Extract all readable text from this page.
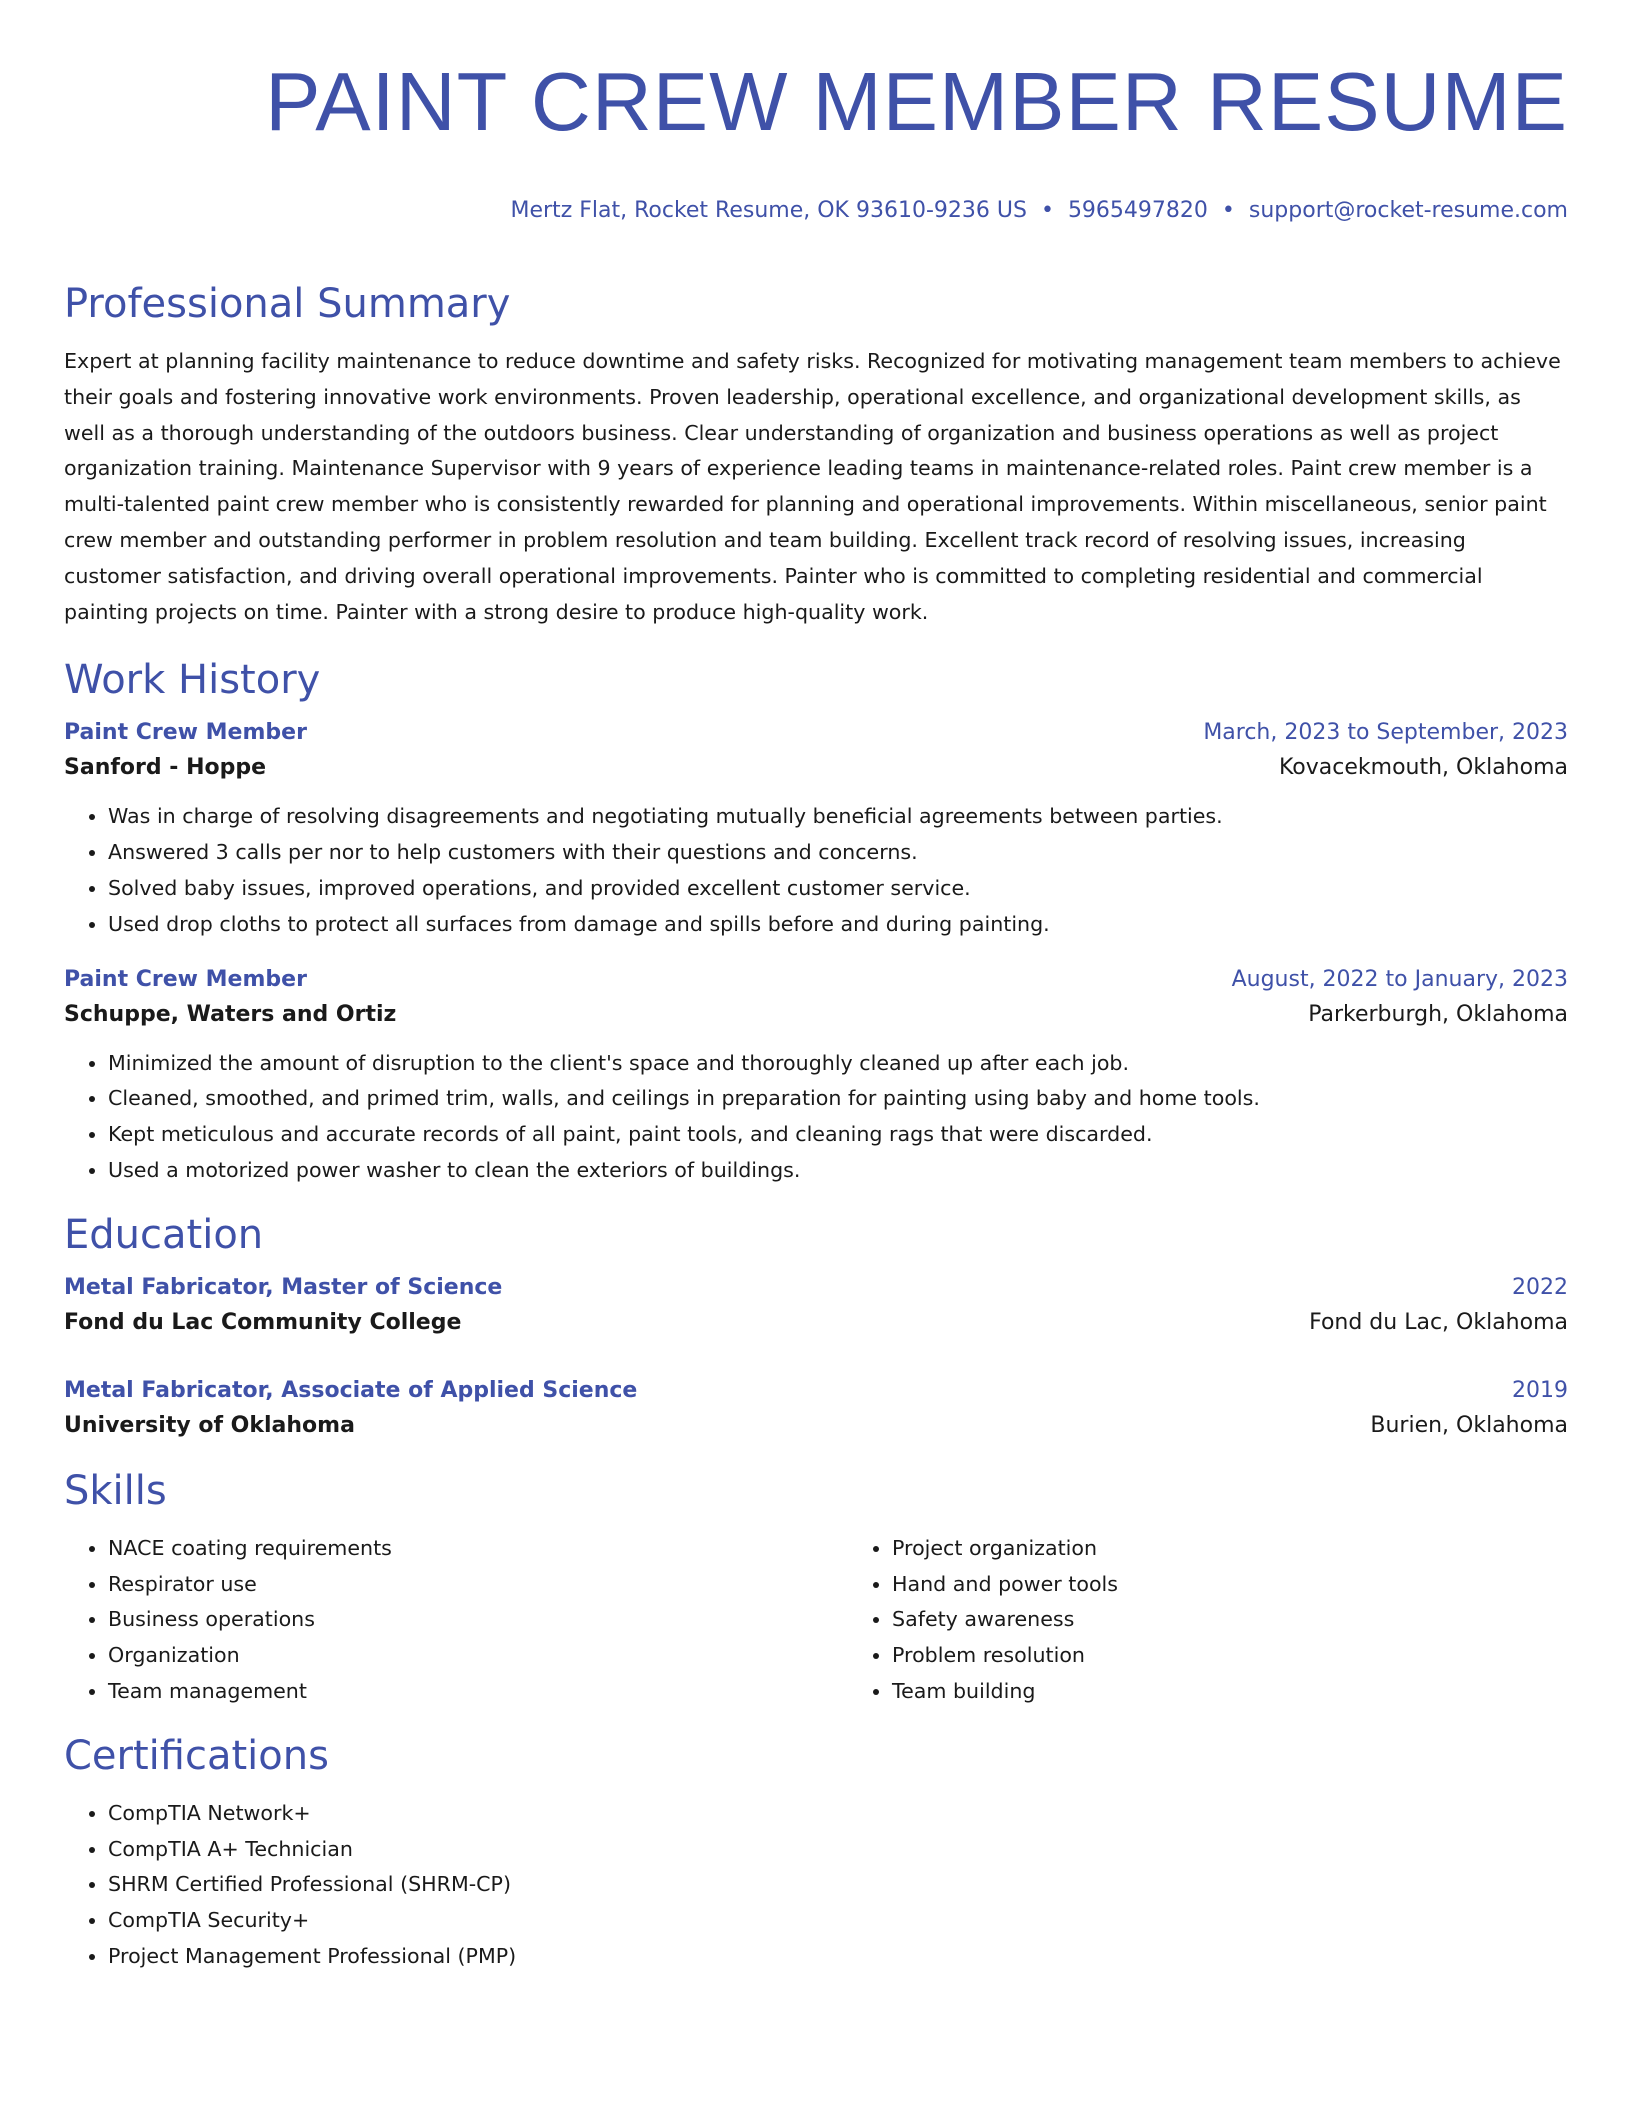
PAINT CREW MEMBER RESUME
Mertz Flat, Rocket Resume, OK 93610-9236 US • 5965497820 • support@rocket-resume.com
Professional Summary

Expert at planning facility maintenance to reduce downtime and safety risks. Recognized for motivating management team members to achieve their goals and fostering innovative work environments. Proven leadership, operational excellence, and organizational development skills, as well as a thorough understanding of the outdoors business. Clear understanding of organization and business operations as well as project organization training. Maintenance Supervisor with 9 years of experience leading teams in maintenance-related roles. Paint crew member is a multi-talented paint crew member who is consistently rewarded for planning and operational improvements. Within miscellaneous, senior paint crew member and outstanding performer in problem resolution and team building. Excellent track record of resolving issues, increasing customer satisfaction, and driving overall operational improvements. Painter who is committed to completing residential and commercial painting projects on time. Painter with a strong desire to produce high-quality work.

Work History
Paint Crew Member	March, 2023 to September, 2023
Sanford - Hoppe	Kovacekmouth, Oklahoma
• Was in charge of resolving disagreements and negotiating mutually beneficial agreements between parties.
• Answered 3 calls per nor to help customers with their questions and concerns.
• Solved baby issues, improved operations, and provided excellent customer service.
• Used drop cloths to protect all surfaces from damage and spills before and during painting.
Paint Crew Member	August, 2022 to January, 2023
Schuppe, Waters and Ortiz	Parkerburgh, Oklahoma
• Minimized the amount of disruption to the client's space and thoroughly cleaned up after each job.
• Cleaned, smoothed, and primed trim, walls, and ceilings in preparation for painting using baby and home tools.
• Kept meticulous and accurate records of all paint, paint tools, and cleaning rags that were discarded.
• Used a motorized power washer to clean the exteriors of buildings.
Education
Metal Fabricator, Master of Science	2022
Fond du Lac Community College	Fond du Lac, Oklahoma
Metal Fabricator, Associate of Applied Science	2019
University of Oklahoma	Burien, Oklahoma
Skills
• NACE coating requirements
• Respirator use
• Business operations
• Organization
• Team management
• Project organization
• Hand and power tools
• Safety awareness
• Problem resolution
• Team building
Certifications
• CompTIA Network+
• CompTIA A+ Technician
• SHRM Certified Professional (SHRM-CP)
• CompTIA Security+
• Project Management Professional (PMP)
